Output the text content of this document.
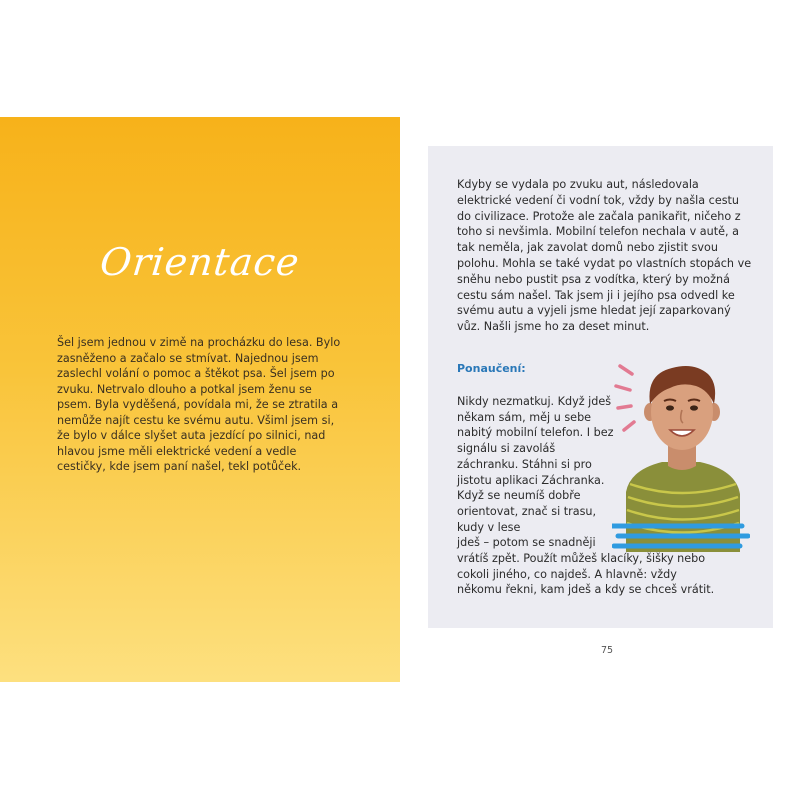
Orientace

Šel jsem jednou v zimě na procházku do lesa. Bylo zasněženo a začalo se stmívat. Najednou jsem zaslechl volání o pomoc a štěkot psa. Šel jsem po zvuku. Netrvalo dlouho a potkal jsem ženu se psem. Byla vyděšená, povídala mi, že se ztratila a nemůže najít cestu ke svému autu. Všiml jsem si, že bylo v dálce slyšet auta jezdící po silnici, nad hlavou jsme měli elektrické vedení a vedle cestičky, kde jsem paní našel, tekl potůček.

Kdyby se vydala po zvuku aut, následovala elektrické vedení či vodní tok, vždy by našla cestu do civilizace. Protože ale začala panikařit, ničeho z toho si nevšimla. Mobilní telefon nechala v autě, a tak neměla, jak zavolat domů nebo zjistit svou polohu. Mohla se také vydat po vlastních stopách ve sněhu nebo pustit psa z vodítka, který by možná cestu sám našel. Tak jsem ji i jejího psa odvedl ke svému autu a vyjeli jsme hledat její zaparkovaný vůz. Našli jsme ho za deset minut.

Ponaučení:

Nikdy nezmatkuj. Když jdeš někam sám, měj u sebe nabitý mobilní telefon. I bez signálu si zavoláš záchranku. Stáhni si pro jistotu aplikaci Záchranka. Když se neumíš dobře orientovat, znač si trasu, kudy v lese
jdeš – potom se snadněji
vrátíš zpět. Použít můžeš klacíky, šišky nebo cokoli jiného, co najdeš. A hlavně: vždy někomu řekni, kam jdeš a kdy se chceš vrátit.
75
